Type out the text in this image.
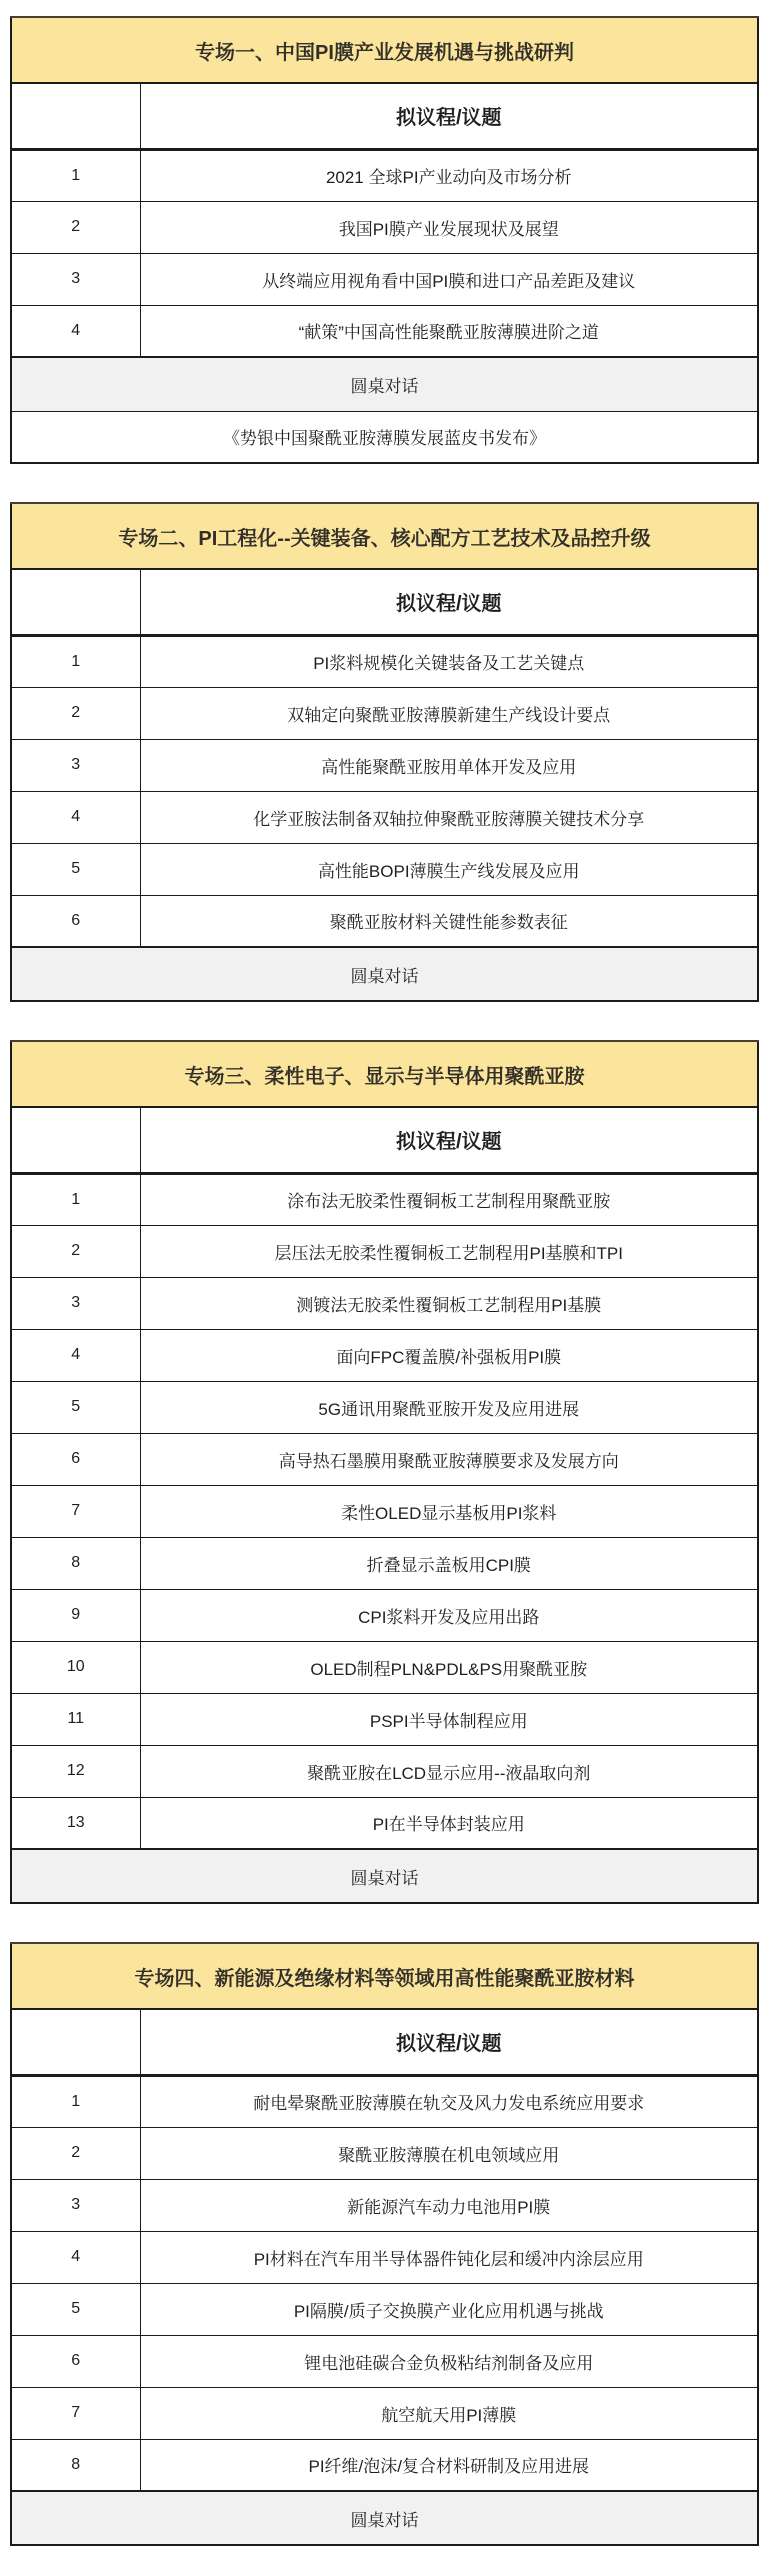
专场一、中国PI膜产业发展机遇与挑战研判	
	拟议程/议题
1	2021 全球PI产业动向及市场分析
2	我国PI膜产业发展现状及展望
3	从终端应用视角看中国PI膜和进口产品差距及建议
4	“献策”中国高性能聚酰亚胺薄膜进阶之道
圆桌对话	
《势银中国聚酰亚胺薄膜发展蓝皮书发布》	
专场二、PI工程化--关键装备、核心配方工艺技术及品控升级	
	拟议程/议题
1	PI浆料规模化关键装备及工艺关键点
2	双轴定向聚酰亚胺薄膜新建生产线设计要点
3	高性能聚酰亚胺用单体开发及应用
4	化学亚胺法制备双轴拉伸聚酰亚胺薄膜关键技术分享
5	高性能BOPI薄膜生产线发展及应用
6	聚酰亚胺材料关键性能参数表征
圆桌对话	
专场三、柔性电子、显示与半导体用聚酰亚胺	
	拟议程/议题
1	涂布法无胶柔性覆铜板工艺制程用聚酰亚胺
2	层压法无胶柔性覆铜板工艺制程用PI基膜和TPI
3	测镀法无胶柔性覆铜板工艺制程用PI基膜
4	面向FPC覆盖膜/补强板用PI膜
5	5G通讯用聚酰亚胺开发及应用进展
6	高导热石墨膜用聚酰亚胺薄膜要求及发展方向
7	柔性OLED显示基板用PI浆料
8	折叠显示盖板用CPI膜
9	CPI浆料开发及应用出路
10	OLED制程PLN&PDL&PS用聚酰亚胺
11	PSPI半导体制程应用
12	聚酰亚胺在LCD显示应用--液晶取向剂
13	PI在半导体封装应用
圆桌对话	
专场四、新能源及绝缘材料等领域用高性能聚酰亚胺材料	
	拟议程/议题
1	耐电晕聚酰亚胺薄膜在轨交及风力发电系统应用要求
2	聚酰亚胺薄膜在机电领域应用
3	新能源汽车动力电池用PI膜
4	PI材料在汽车用半导体器件钝化层和缓冲内涂层应用
5	PI隔膜/质子交换膜产业化应用机遇与挑战
6	锂电池硅碳合金负极粘结剂制备及应用
7	航空航天用PI薄膜
8	PI纤维/泡沫/复合材料研制及应用进展
圆桌对话	
